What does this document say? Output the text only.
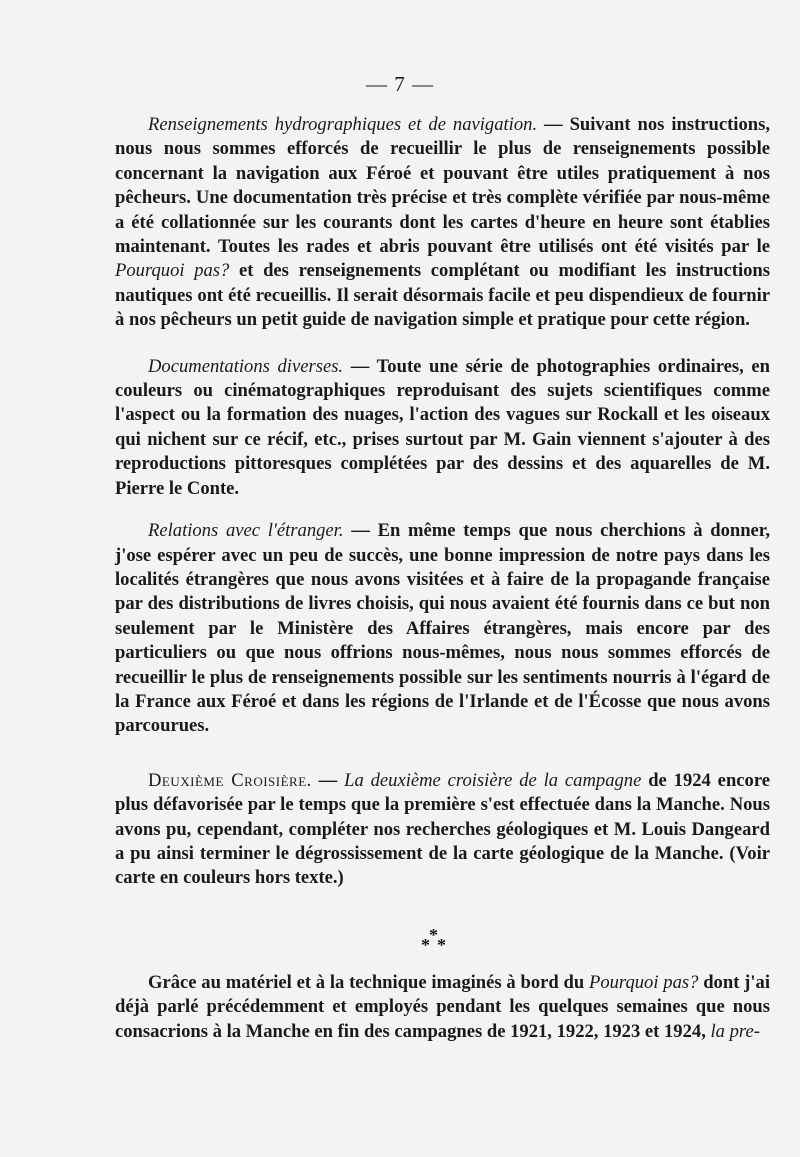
— 7 —

Renseignements hydrographiques et de navigation. — Suivant nos instructions, nous nous sommes efforcés de recueillir le plus de renseignements possible concernant la navigation aux Féroé et pouvant être utiles pratiquement à nos pêcheurs. Une documentation très précise et très complète vérifiée par nous-même a été collationnée sur les courants dont les cartes d'heure en heure sont établies maintenant. Toutes les rades et abris pouvant être utilisés ont été visités par le Pourquoi pas? et des renseignements complétant ou modifiant les instructions nautiques ont été recueillis. Il serait désormais facile et peu dispendieux de fournir à nos pêcheurs un petit guide de navigation simple et pratique pour cette région.

Documentations diverses. — Toute une série de photographies ordinaires, en couleurs ou cinématographiques reproduisant des sujets scientifiques comme l'aspect ou la formation des nuages, l'action des vagues sur Rockall et les oiseaux qui nichent sur ce récif, etc., prises surtout par M. Gain viennent s'ajouter à des reproductions pittoresques complétées par des dessins et des aquarelles de M. Pierre le Conte.

Relations avec l'étranger. — En même temps que nous cherchions à donner, j'ose espérer avec un peu de succès, une bonne impression de notre pays dans les localités étrangères que nous avons visitées et à faire de la propagande française par des distributions de livres choisis, qui nous avaient été fournis dans ce but non seulement par le Ministère des Affaires étrangères, mais encore par des particuliers ou que nous offrions nous-mêmes, nous nous sommes efforcés de recueillir le plus de renseignements possible sur les sentiments nourris à l'égard de la France aux Féroé et dans les régions de l'Irlande et de l'Écosse que nous avons parcourues.

Deuxième Croisière. — La deuxième croisière de la campagne de 1924 encore plus défavorisée par le temps que la première s'est effectuée dans la Manche. Nous avons pu, cependant, compléter nos recherches géologiques et M. Louis Dangeard a pu ainsi terminer le dégrossissement de la carte géologique de la Manche. (Voir carte en couleurs hors texte.)

Grâce au matériel et à la technique imaginés à bord du Pourquoi pas? dont j'ai déjà parlé précédemment et employés pendant les quelques semaines que nous consacrions à la Manche en fin des campagnes de 1921, 1922, 1923 et 1924, la pre-

*
* *
